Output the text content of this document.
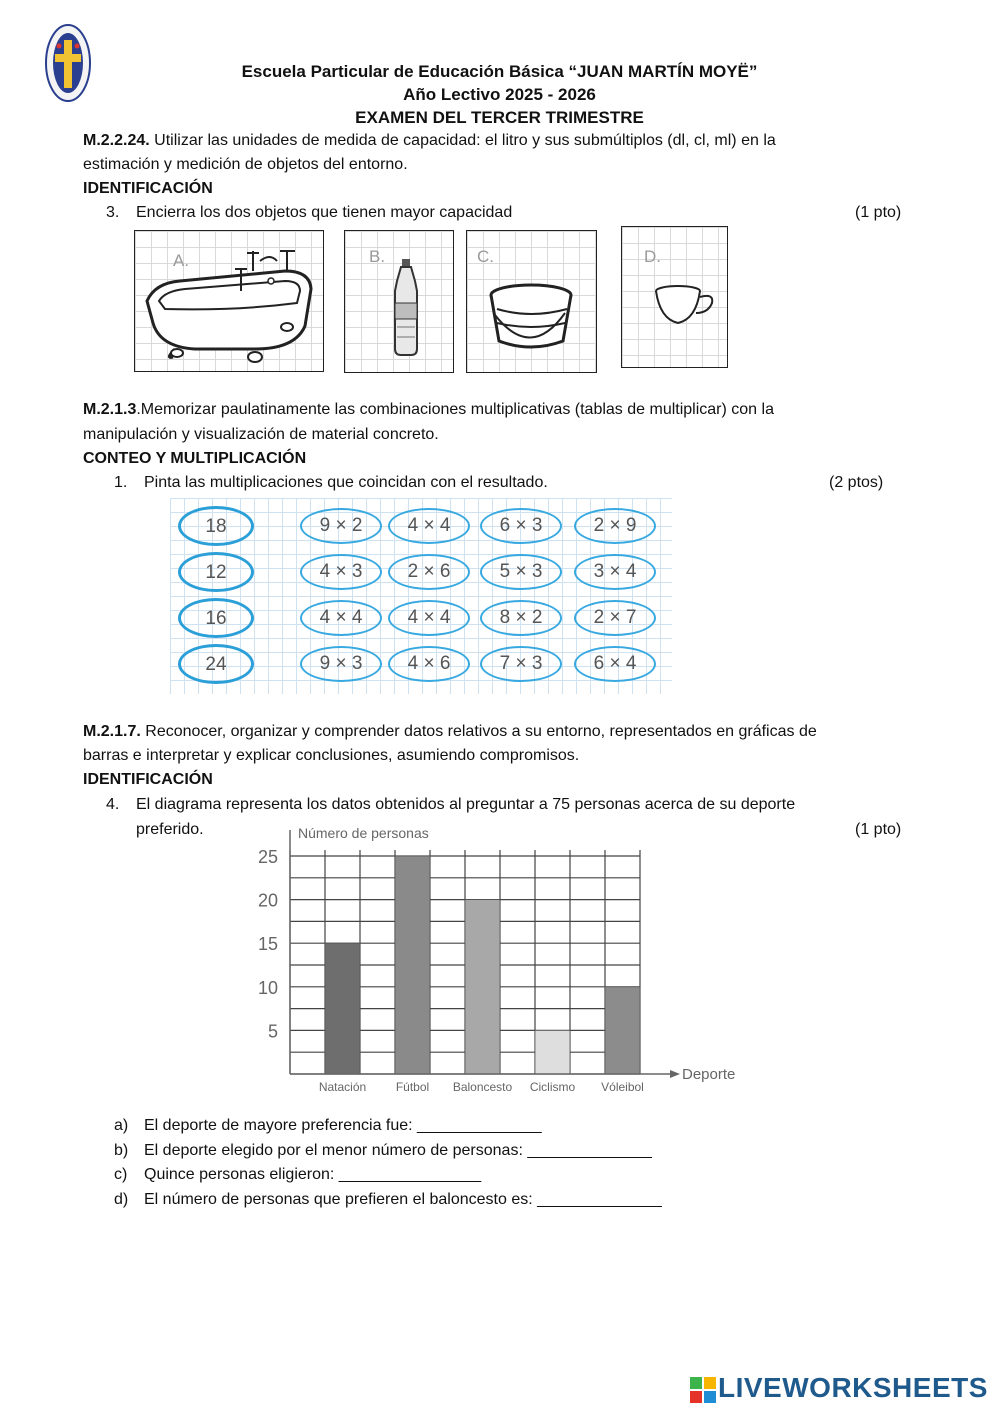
Escuela Particular de Educación Básica “JUAN MARTÍN MOYË”
Año Lectivo 2025 - 2026
EXAMEN DEL TERCER TRIMESTRE
M.2.2.24. Utilizar las unidades de medida de capacidad: el litro y sus submúltiplos (dl, cl, ml) en la
estimación y medición de objetos del entorno.
IDENTIFICACIÓN
3. Encierra los dos objetos que tienen mayor capacidad	(1 pto)
A.	B.	C.	D.
M.2.1.3.Memorizar paulatinamente las combinaciones multiplicativas (tablas de multiplicar) con la
manipulación y visualización de material concreto.
CONTEO Y MULTIPLICACIÓN
1. Pinta las multiplicaciones que coincidan con el resultado.	(2 ptos)
18	9 × 2	4 × 4	6 × 3	2 × 9
12	4 × 3	2 × 6	5 × 3	3 × 4
16	4 × 4	4 × 4	8 × 2	2 × 7
24	9 × 3	4 × 6	7 × 3	6 × 4
M.2.1.7. Reconocer, organizar y comprender datos relativos a su entorno, representados en gráficas de
barras e interpretar y explicar conclusiones, asumiendo compromisos.
IDENTIFICACIÓN
4. El diagrama representa los datos obtenidos al preguntar a 75 personas acerca de su deporte
preferido.	(1 pto)
Natación Fútbol Baloncesto Ciclismo Vóleibol
5
10
15
20
25
Deporte
Número de personas
a) El deporte de mayore preferencia fue: ______________
b) El deporte elegido por el menor número de personas: ______________
c) Quince personas eligieron: ________________
d) El número de personas que prefieren el baloncesto es: ______________
LIVEWORKSHEETS
